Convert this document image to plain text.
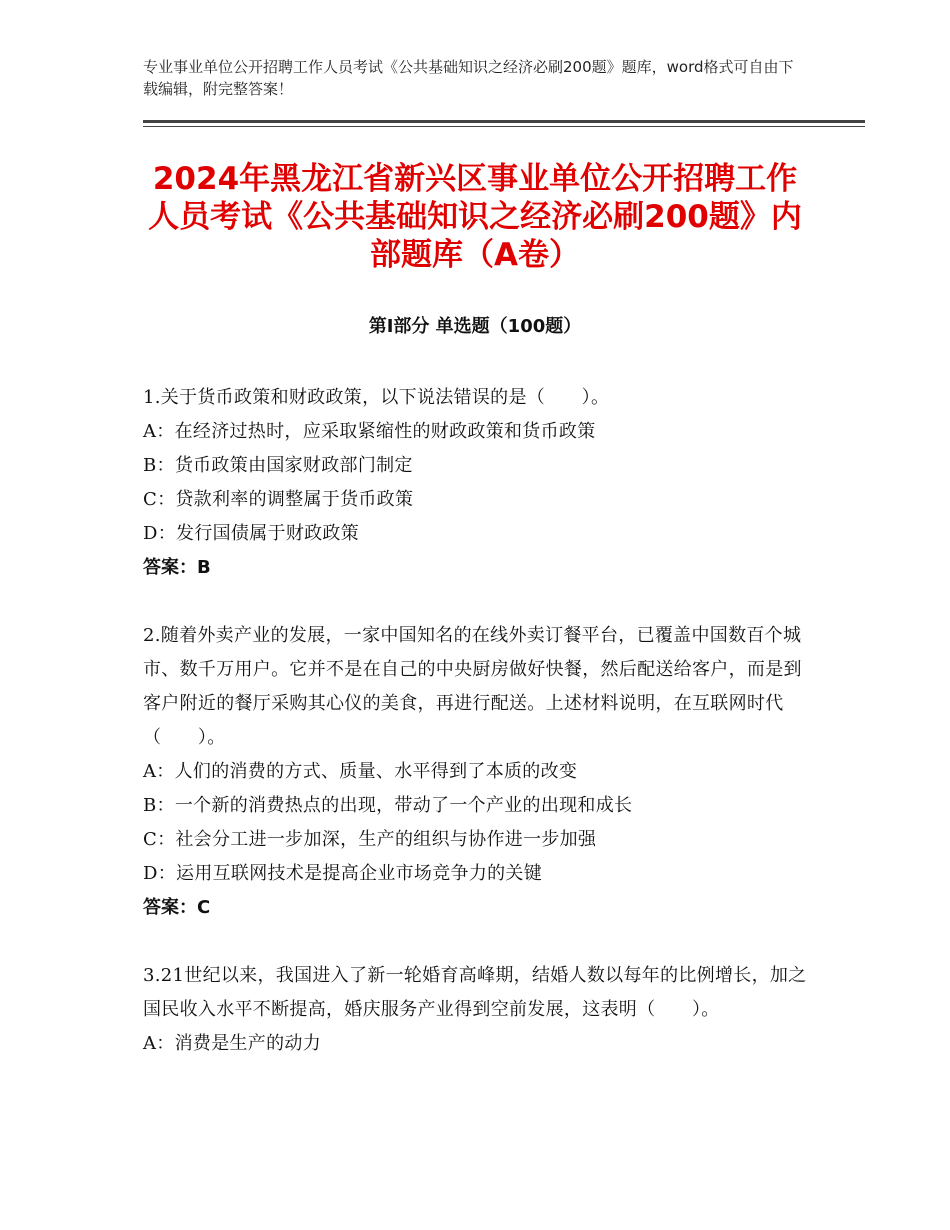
专业事业单位公开招聘工作人员考试《公共基础知识之经济必刷200题》题库，word格式可自由下载编辑，附完整答案！
2024年黑龙江省新兴区事业单位公开招聘工作人员考试《公共基础知识之经济必刷200题》内部题库（A卷）
第Ⅰ部分 单选题（100题）

1.关于货币政策和财政政策，以下说法错误的是（　　）。

A：在经济过热时，应采取紧缩性的财政政策和货币政策

B：货币政策由国家财政部门制定

C：贷款利率的调整属于货币政策

D：发行国债属于财政政策

答案：B

2.随着外卖产业的发展，一家中国知名的在线外卖订餐平台，已覆盖中国数百个城市、数千万用户。它并不是在自己的中央厨房做好快餐，然后配送给客户，而是到客户附近的餐厅采购其心仪的美食，再进行配送。上述材料说明，在互联网时代（　　）。

A：人们的消费的方式、质量、水平得到了本质的改变

B：一个新的消费热点的出现，带动了一个产业的出现和成长

C：社会分工进一步加深，生产的组织与协作进一步加强

D：运用互联网技术是提高企业市场竞争力的关键

答案：C

3.21世纪以来，我国进入了新一轮婚育高峰期，结婚人数以每年的比例增长，加之国民收入水平不断提高，婚庆服务产业得到空前发展，这表明（　　）。

A：消费是生产的动力
